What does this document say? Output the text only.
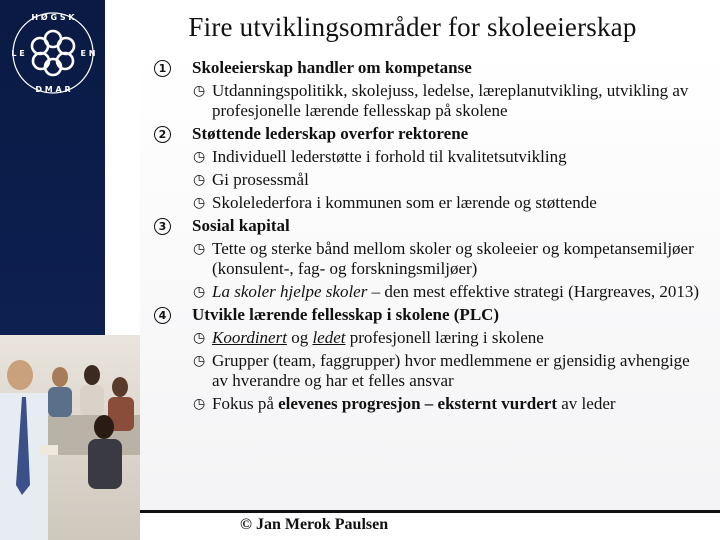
H Ø G S K
D M A R
L E	E N
Fire utviklingsområder for skoleeierskap
1 Skoleeierskap handler om kompetanse
◷ Utdanningspolitikk, skolejuss, ledelse, læreplanutvikling, utvikling av profesjonelle lærende fellesskap på skolene
2 Støttende lederskap overfor rektorene
◷ Individuell lederstøtte i forhold til kvalitetsutvikling
◷ Gi prosessmål
◷ Skolelederfora i kommunen som er lærende og støttende
3 Sosial kapital
◷ Tette og sterke bånd mellom skoler og skoleeier og kompetansemiljøer (konsulent-, fag- og forskningsmiljøer)
◷ La skoler hjelpe skoler – den mest effektive strategi (Hargreaves, 2013)
4 Utvikle lærende fellesskap i skolene (PLC)
◷ Koordinert og ledet profesjonell læring i skolene
◷ Grupper (team, faggrupper) hvor medlemmene er gjensidig avhengige av hverandre og har et felles ansvar
◷ Fokus på elevenes progresjon – eksternt vurdert av leder
© Jan Merok Paulsen
